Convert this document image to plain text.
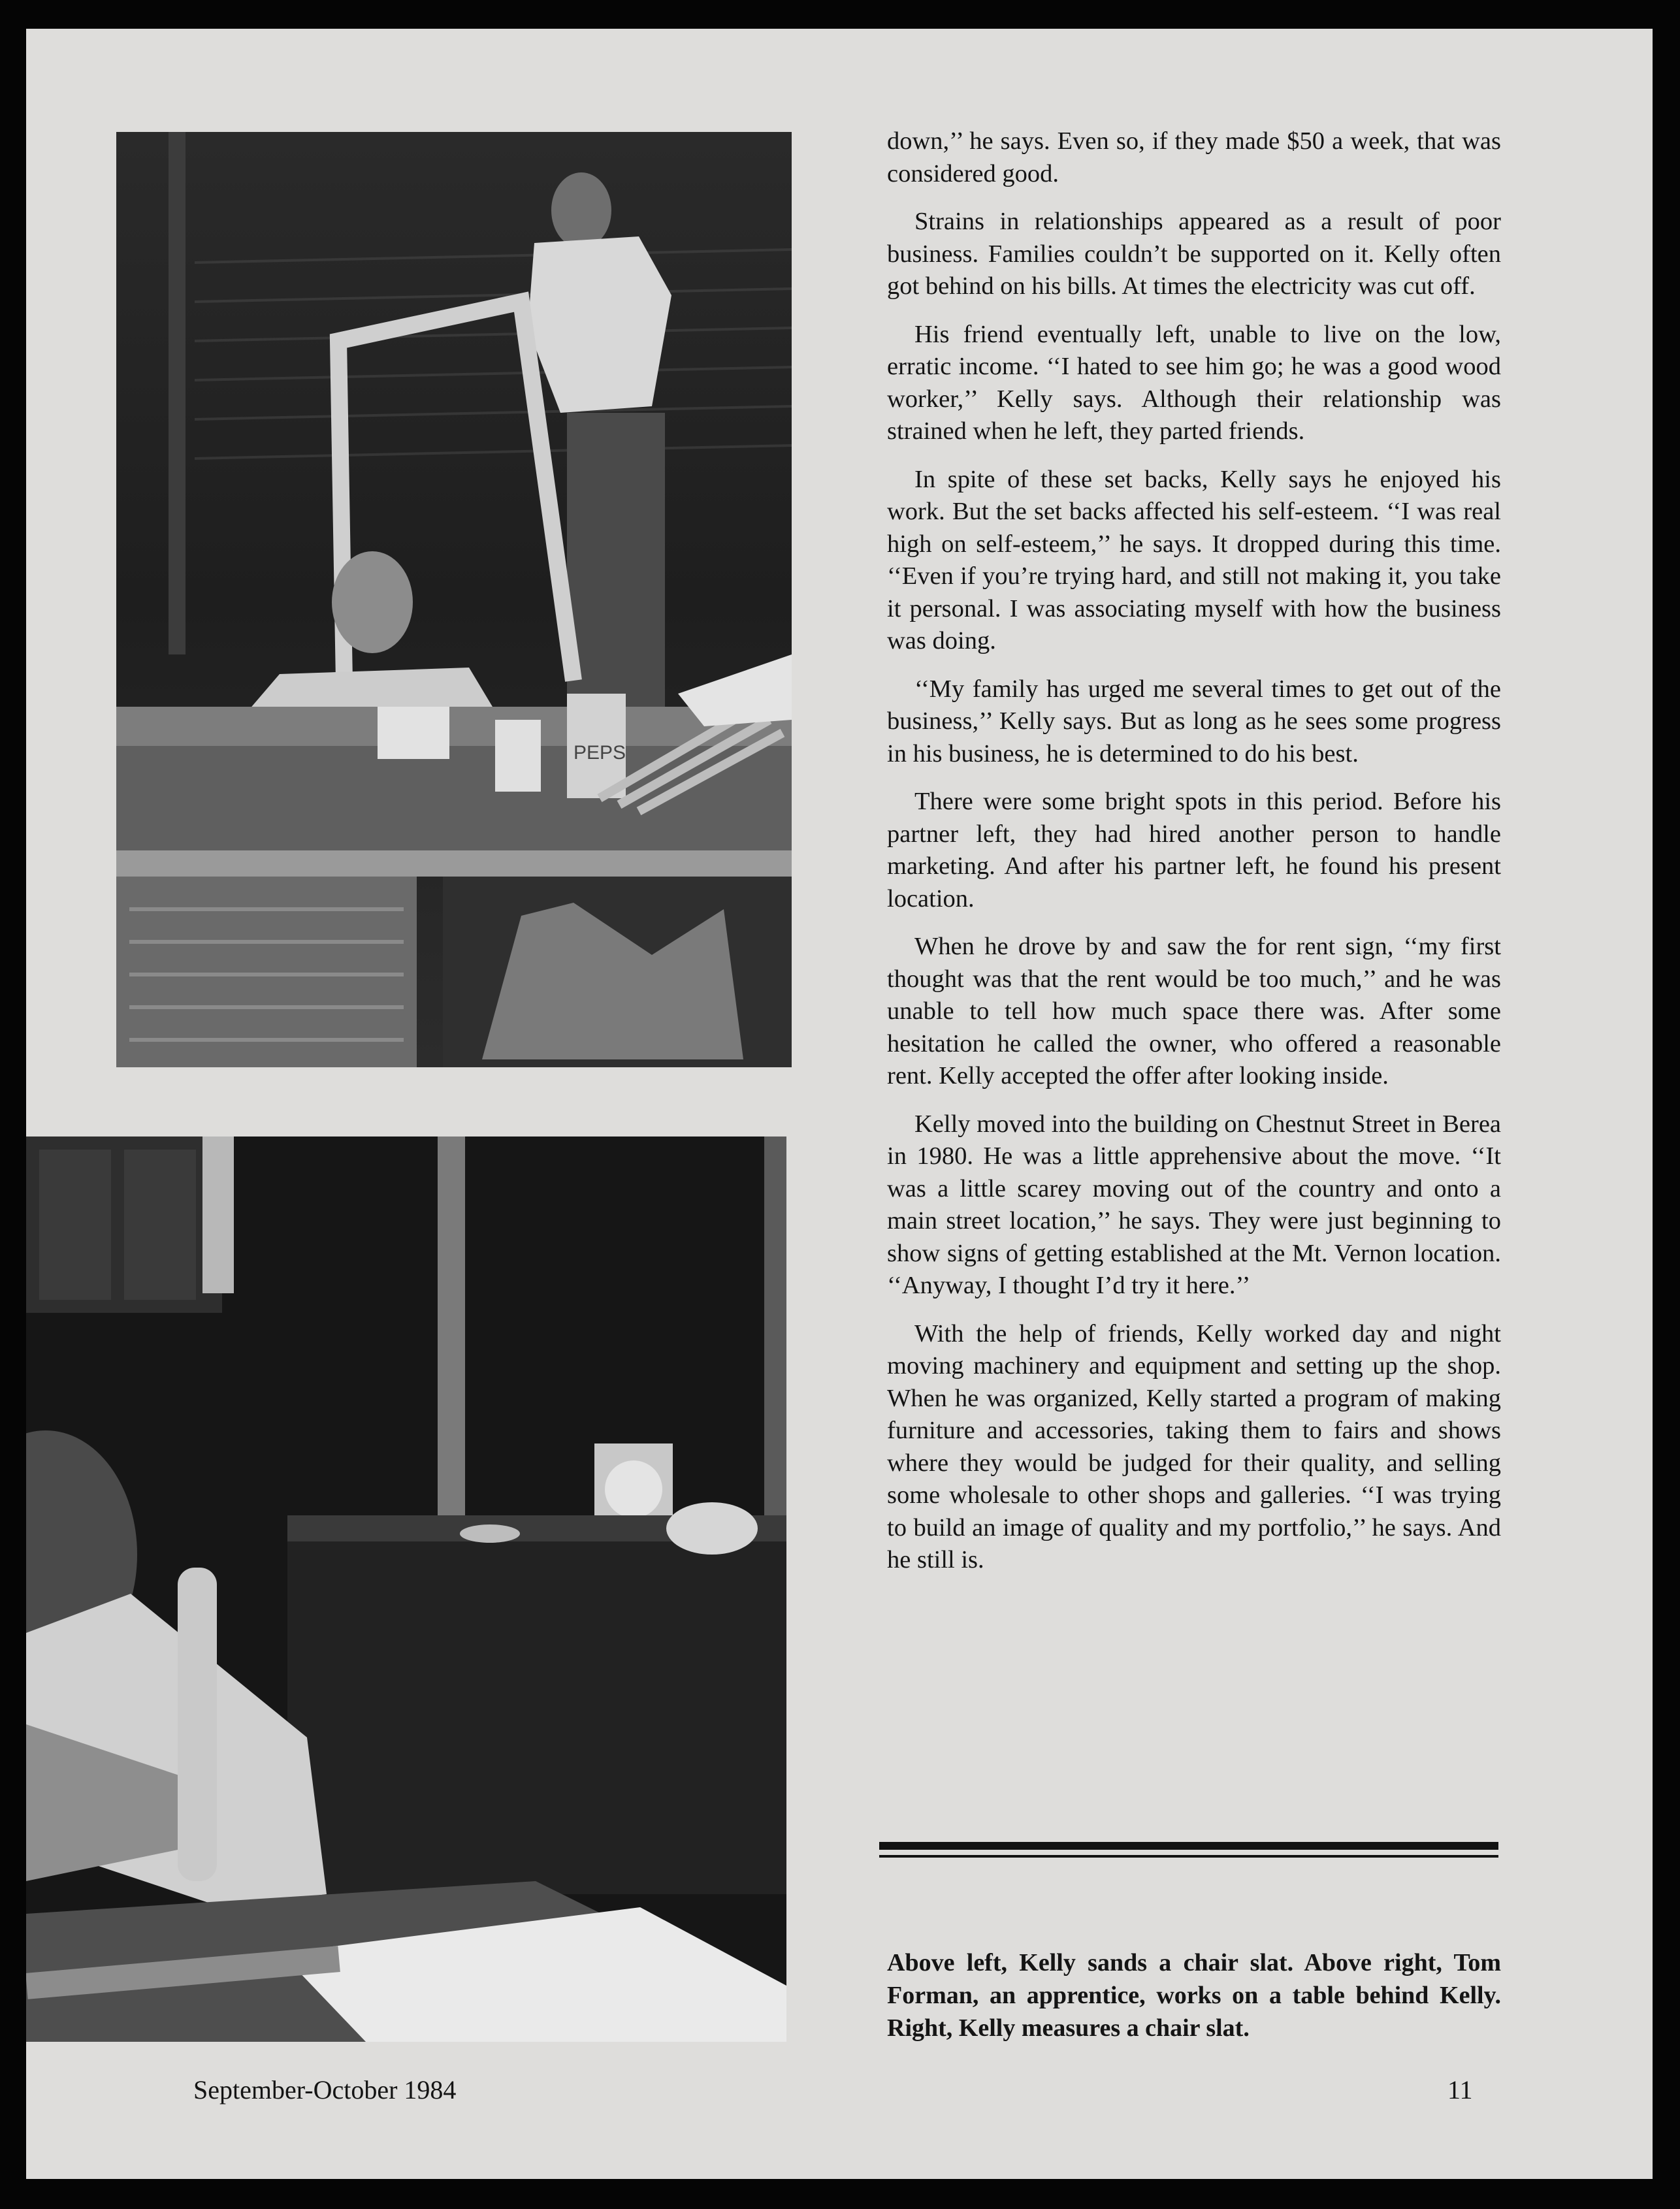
PEPS

down,’’ he says. Even so, if they made $50 a week, that was considered good.

Strains in relationships appeared as a result of poor business. Families couldn’t be supported on it. Kelly often got behind on his bills. At times the electricity was cut off.

His friend eventually left, unable to live on the low, erratic income. ‘‘I hated to see him go; he was a good wood worker,’’ Kelly says. Although their relationship was strained when he left, they parted friends.

In spite of these set backs, Kelly says he enjoyed his work. But the set backs affected his self-esteem. ‘‘I was real high on self-esteem,’’ he says. It dropped during this time. ‘‘Even if you’re trying hard, and still not making it, you take it personal. I was associating myself with how the business was doing.

‘‘My family has urged me several times to get out of the business,’’ Kelly says. But as long as he sees some progress in his business, he is determined to do his best.

There were some bright spots in this period. Before his partner left, they had hired another person to handle marketing. And after his partner left, he found his present location.

When he drove by and saw the for rent sign, ‘‘my first thought was that the rent would be too much,’’ and he was unable to tell how much space there was. After some hesitation he called the owner, who offered a reasonable rent. Kelly accepted the offer after looking inside.

Kelly moved into the building on Chestnut Street in Berea in 1980. He was a little apprehensive about the move. ‘‘It was a little scarey moving out of the country and onto a main street location,’’ he says. They were just beginning to show signs of getting established at the Mt. Vernon location. ‘‘Anyway, I thought I’d try it here.’’

With the help of friends, Kelly worked day and night moving machinery and equipment and setting up the shop. When he was organized, Kelly started a program of making furniture and accessories, taking them to fairs and shows where they would be judged for their quality, and selling some wholesale to other shops and galleries. ‘‘I was trying to build an image of quality and my portfolio,’’ he says. And he still is.

Above left, Kelly sands a chair slat. Above right, Tom Forman, an apprentice, works on a table behind Kelly. Right, Kelly measures a chair slat.

September-October 1984	11
